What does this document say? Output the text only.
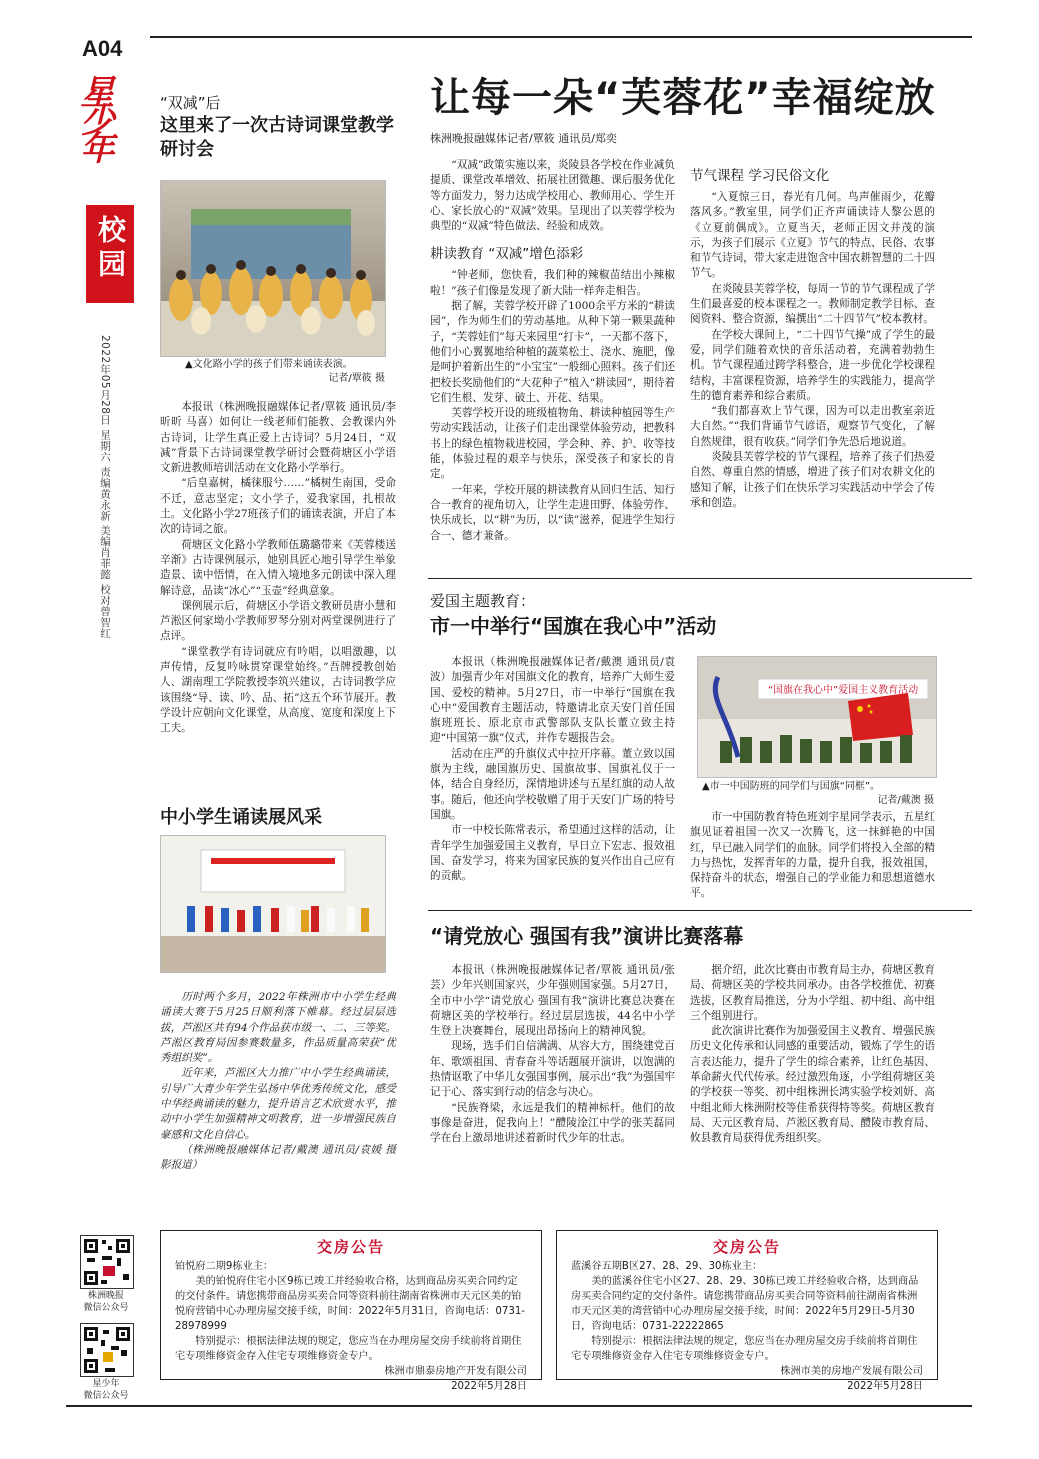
A04
星少年
校园
2022年05月28日 星期六 责编黄永新 美编肖菲懿 校对曾智红
株洲晚报
微信公众号
星少年
微信公众号
“双减”后
这里来了一次古诗词课堂教学研讨会
▲文化路小学的孩子们带来诵读表演。
记者/覃筱 摄

本报讯（株洲晚报融媒体记者/覃筱 通讯员/李昕昕 马喜）如何让一线老师们能教、会教课内外古诗词，让学生真正爱上古诗词？5月24日，“双减”背景下古诗词课堂教学研讨会暨荷塘区小学语文新进教师培训活动在文化路小学举行。

“后皇嘉树，橘徕服兮……”橘树生南国，受命不迁，意志坚定；文小学子，爱我家国，扎根故土。文化路小学27班孩子们的诵读表演，开启了本次的诗词之旅。

荷塘区文化路小学教师伍璐璐带来《芙蓉楼送辛渐》古诗课例展示，她别具匠心地引导学生举象造景、读中悟情，在入情入境地多元朗读中深入理解诗意，品读“冰心”“玉壶”经典意象。

课例展示后，荷塘区小学语文教研员唐小慧和芦淞区何家坳小学教师罗琴分别对两堂课例进行了点评。

“课堂教学有诗词就应有吟唱，以唱激趣，以声传情，反复吟咏贯穿课堂始终。”吾牌授教创始人、湖南理工学院教授李筑兴建议，古诗词教学应该围绕“导、读、吟、品、拓”这五个环节展开。教学设计应朝向文化课堂，从高度、宽度和深度上下工夫。

中小学生诵读展风采

历时两个多月，2022年株洲市中小学生经典诵读大赛于5月25日顺利落下帷幕。经过层层选拔，芦淞区共有94个作品获市级一、二、三等奖。芦淞区教育局因参赛数量多，作品质量高荣获“优秀组织奖”。

近年来，芦淞区大力推广中小学生经典诵读，引导广大青少年学生弘扬中华优秀传统文化，感受中华经典诵读的魅力，提升语言艺术欣赏水平，推动中小学生加强精神文明教育，进一步增强民族自豪感和文化自信心。

（株洲晚报融媒体记者/戴澳 通讯员/袁媛 摄影报道）

让每一朵“芙蓉花”幸福绽放
株洲晚报融媒体记者/覃筱 通讯员/郑奕

“双减”政策实施以来，炎陵县各学校在作业减负提质、课堂改革增效、拓展社团微趣、课后服务优化等方面发力，努力达成学校用心、教师用心、学生开心、家长放心的“双减”效果。呈现出了以芙蓉学校为典型的“双减”特色做法、经验和成效。

耕读教育 “双减”增色添彩

“钟老师，您快看，我们种的辣椒苗结出小辣椒啦！”孩子们像是发现了新大陆一样奔走相告。

据了解，芙蓉学校开辟了1000余平方米的“耕读园”，作为师生们的劳动基地。从种下第一颗果蔬种子，“芙蓉娃们”每天来园里“打卡”，一天都不落下，他们小心翼翼地给种植的蔬菜松土、浇水、施肥，像是呵护着新出生的“小宝宝”一般细心照料。孩子们还把校长奖励他们的“大花种子”植入“耕读园”，期待着它们生根、发芽、破土、开花、结果。

芙蓉学校开设的班级植物角、耕读种植园等生产劳动实践活动，让孩子们走出课堂体验劳动，把教科书上的绿色植物栽进校园，学会种、养、护、收等技能，体验过程的艰辛与快乐，深受孩子和家长的肯定。

一年来，学校开展的耕读教育从回归生活、知行合一教育的视角切入，让学生走进田野、体验劳作、快乐成长，以“耕”为历，以“读”滋养，促进学生知行合一、德才兼备。

节气课程 学习民俗文化

“入夏惊三日，春光有几何。鸟声催雨少，花瓣落风多。”教室里，同学们正齐声诵读诗人黎公恩的《立夏前偶成》。立夏当天，老师正因文并茂的演示，为孩子们展示《立夏》节气的特点、民俗、农事和节气诗词，带大家走进饱含中国农耕智慧的二十四节气。

在炎陵县芙蓉学校，每周一节的节气课程成了学生们最喜爱的校本课程之一。教师制定教学目标、查阅资料、整合资源，编撰出“二十四节气”校本教材。

在学校大课间上，“二十四节气操”成了学生的最爱，同学们随着欢快的音乐活动着，充满着勃勃生机。节气课程通过跨学科整合，进一步优化学校课程结构，丰富课程资源，培养学生的实践能力，提高学生的德育素养和综合素质。

“我们都喜欢上节气课，因为可以走出教室亲近大自然。”“我们背诵节气谚语，观察节气变化，了解自然规律，很有收获。”同学们争先恐后地说道。

炎陵县芙蓉学校的节气课程，培养了孩子们热爱自然、尊重自然的情感，增进了孩子们对农耕文化的感知了解，让孩子们在快乐学习实践活动中学会了传承和创造。

爱国主题教育：
市一中举行“国旗在我心中”活动

本报讯（株洲晚报融媒体记者/戴澳 通讯员/袁波）加强青少年对国旗文化的教育，培养广大师生爱国、爱校的精神。5月27日，市一中举行“国旗在我心中”爱国教育主题活动，特邀请北京天安门首任国旗班班长、原北京市武警部队支队长董立致主持迎“中国第一旗”仪式，并作专题报告会。

活动在庄严的升旗仪式中拉开序幕。董立致以国旗为主线，融国旗历史、国旗故事、国旗礼仪于一体，结合自身经历，深情地讲述与五星红旗的动人故事。随后，他还向学校敬赠了用于天安门广场的特号国旗。

市一中校长陈常表示，希望通过这样的活动，让青年学生加强爱国主义教育，早日立下宏志、报效祖国、奋发学习，将来为国家民族的复兴作出自己应有的贡献。

“国旗在我心中”爱国主义教育活动
▲市一中国防班的同学们与国旗“同框”。
记者/戴澳 摄

市一中国防教育特色班刘宇星同学表示，五星红旗见证着祖国一次又一次腾飞，这一抹鲜艳的中国红，早已融入同学们的血脉。同学们将投入全部的精力与热忱，发挥青年的力量，提升自我，报效祖国，保持奋斗的状态，增强自己的学业能力和思想道德水平。

“请党放心 强国有我”演讲比赛落幕

本报讯（株洲晚报融媒体记者/覃筱 通讯员/张芸）少年兴则国家兴，少年强则国家强。5月27日，全市中小学“请党放心 强国有我”演讲比赛总决赛在荷塘区美的学校举行。经过层层选拔，44名中小学生登上决赛舞台，展现出昂扬向上的精神风貌。

现场，选手们自信满满、从容大方，围绕建党百年、歌颂祖国、青春奋斗等话题展开演讲，以饱满的热情讴歌了中华儿女强国事例，展示出“我”为强国牢记于心、落实到行动的信念与决心。

“民族脊梁，永远是我们的精神标杆。他们的故事像是奋进，促我向上！”醴陵淦江中学的张芙磊同学在台上激昂地讲述着新时代少年的壮志。

据介绍，此次比赛由市教育局主办，荷塘区教育局、荷塘区美的学校共同承办。由各学校推优、初赛选拔，区教育局推送，分为小学组、初中组、高中组三个组别进行。

此次演讲比赛作为加强爱国主义教育、增强民族历史文化传承和认同感的重要活动，锻炼了学生的语言表达能力，提升了学生的综合素养，让红色基因、革命薪火代代传承。经过激烈角逐，小学组荷塘区美的学校获一等奖、初中组株洲长鸿实验学校刘妍、高中组北师大株洲附校等佳希获得特等奖。荷塘区教育局、天元区教育局、芦淞区教育局、醴陵市教育局、攸县教育局获得优秀组织奖。

交房公告
铂悦府二期9栋业主：

美的铂悦府住宅小区9栋已竣工并经验收合格，达到商品房买卖合同约定的交付条件。请您携带商品房买卖合同等资料前往湖南省株洲市天元区美的铂悦府营销中心办理房屋交接手续，时间：2022年5月31日，咨询电话：0731-28978999

特别提示：根据法律法规的规定，您应当在办理房屋交房手续前将首期住宅专项维修资金存入住宅专项维修资金专户。

株洲市鼎泰房地产开发有限公司
2022年5月28日
交房公告
蓝溪谷五期B区27、28、29、30栋业主：

美的蓝溪谷住宅小区27、28、29、30栋已竣工并经验收合格，达到商品房买卖合同约定的交付条件。请您携带商品房买卖合同等资料前往湖南省株洲市天元区美的湾营销中心办理房屋交接手续，时间：2022年5月29日-5月30日，咨询电话：0731-22222865

特别提示：根据法律法规的规定，您应当在办理房屋交房手续前将首期住宅专项维修资金存入住宅专项维修资金专户。

株洲市美的房地产发展有限公司
2022年5月28日
